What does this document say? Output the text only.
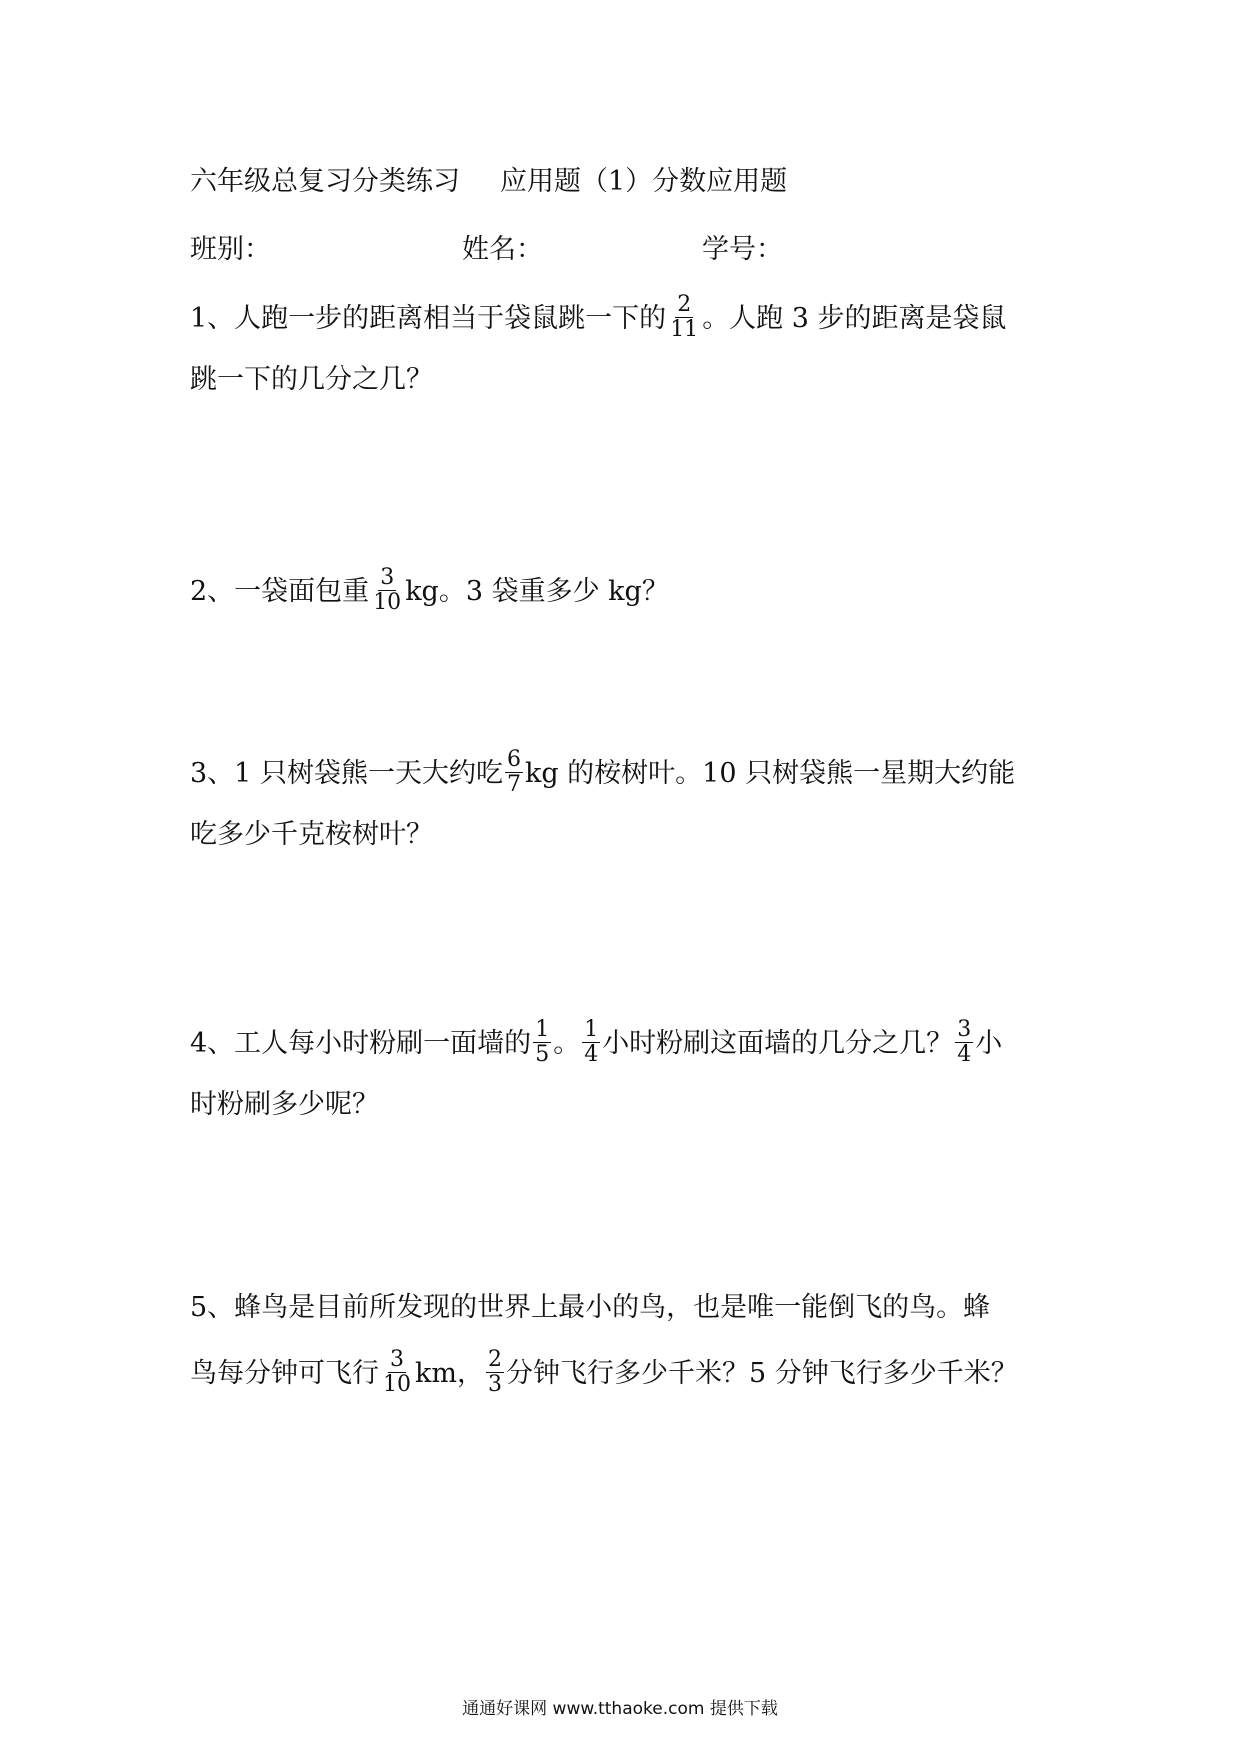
六年级总复习分类练习 应用题（1）分数应用题
班别：	姓名：	学号：
1、人跑一步的距离相当于袋鼠跳一下的 $\frac{2}{11}$ 。人跑 3 步的距离是袋鼠
跳一下的几分之几？
2、一袋面包重 $\frac{3}{10}$ kg。3 袋重多少 kg？
3、1 只树袋熊一天大约吃 $\frac{6}{7}$ kg 的桉树叶。10 只树袋熊一星期大约能
吃多少千克桉树叶？
4、工人每小时粉刷一面墙的 $\frac{1}{5}$ 。 $\frac{1}{4}$ 小时粉刷这面墙的几分之几？ $\frac{3}{4}$ 小
时粉刷多少呢？
5、蜂鸟是目前所发现的世界上最小的鸟，也是唯一能倒飞的鸟。蜂
鸟每分钟可飞行 $\frac{3}{10}$ km， $\frac{2}{3}$ 分钟飞行多少千米？5 分钟飞行多少千米？
通通好课网 www.tthaoke.com 提供下载
